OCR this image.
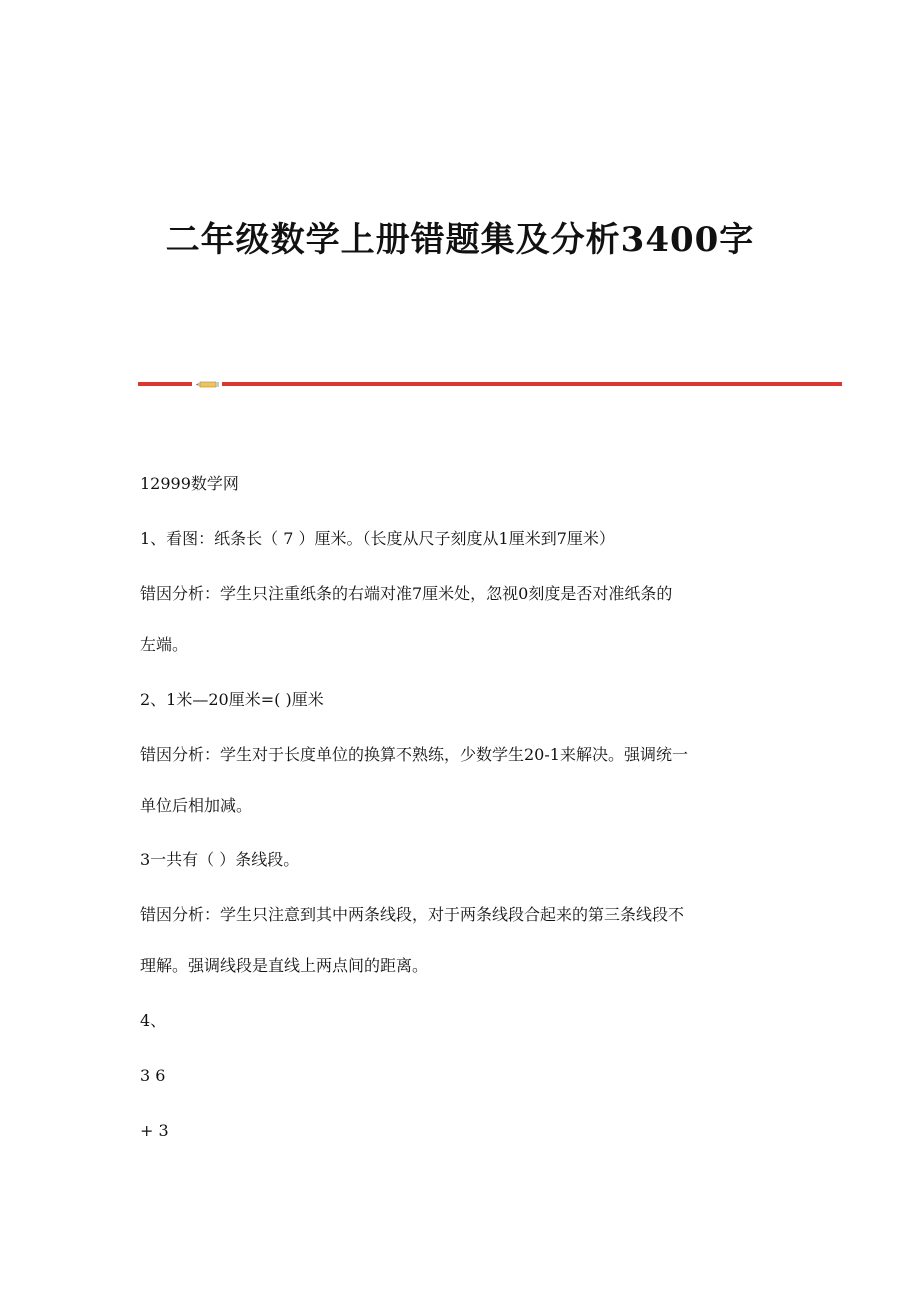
二年级数学上册错题集及分析3400字
12999数学网
1、看图：纸条长（ 7 ）厘米。（长度从尺子刻度从1厘米到7厘米）
错因分析：学生只注重纸条的右端对准7厘米处，忽视0刻度是否对准纸条的
左端。
2、1米—20厘米=( )厘米
错因分析：学生对于长度单位的换算不熟练，少数学生20-1来解决。强调统一
单位后相加减。
3一共有（ ）条线段。
错因分析：学生只注意到其中两条线段，对于两条线段合起来的第三条线段不
理解。强调线段是直线上两点间的距离。
4、
3 6
+ 3
